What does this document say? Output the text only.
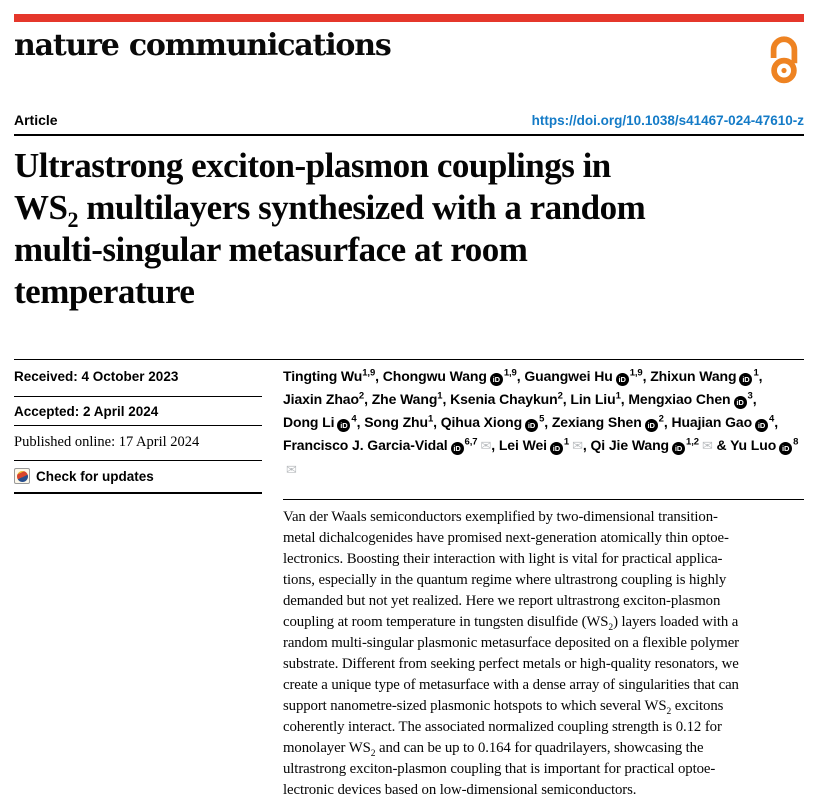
nature communications
Article	https://doi.org/10.1038/s41467-024-47610-z
Ultrastrong exciton-plasmon couplings in
$WS_2$ multilayers synthesized with a random
multi-singular metasurface at room
temperature
Received: 4 October 2023
Accepted: 2 April 2024
Published online: 17 April 2024
Check for updates
Tingting Wu$^{1,9}$, Chongwu Wang iD$^{1,9}$, Guangwei Hu iD$^{1,9}$, Zhixun Wang $iD^1$,
Jiaxin Zhao$^2$, Zhe Wang$^1$, Ksenia Chaykun$^2$, Lin Liu$^1$, Mengxiao Chen $iD^3$,
Dong Li $iD^4$, Song Zhu$^1$, Qihua Xiong $iD^5$, Zexiang Shen $iD^2$, Huajian Gao $iD^4$,
Francisco J. Garcia-Vidal iD$^{6,7}$ ✉, Lei Wei $iD^1$ ✉, Qi Jie Wang iD$^{1,2}$ ✉ & Yu Luo $iD^8✉$
Van der Waals semiconductors exemplified by two-dimensional transition-
metal dichalcogenides have promised next-generation atomically thin optoe-
lectronics. Boosting their interaction with light is vital for practical applica-
tions, especially in the quantum regime where ultrastrong coupling is highly
demanded but not yet realized. Here we report ultrastrong exciton-plasmon
coupling at room temperature in tungsten disulfide $(WS_2)$ layers loaded with a
random multi-singular plasmonic metasurface deposited on a flexible polymer
substrate. Different from seeking perfect metals or high-quality resonators, we
create a unique type of metasurface with a dense array of singularities that can
support nanometre-sized plasmonic hotspots to which several $WS_2$ excitons
coherently interact. The associated normalized coupling strength is 0.12 for
monolayer $WS_2$ and can be up to 0.164 for quadrilayers, showcasing the
ultrastrong exciton-plasmon coupling that is important for practical optoe-
lectronic devices based on low-dimensional semiconductors.
